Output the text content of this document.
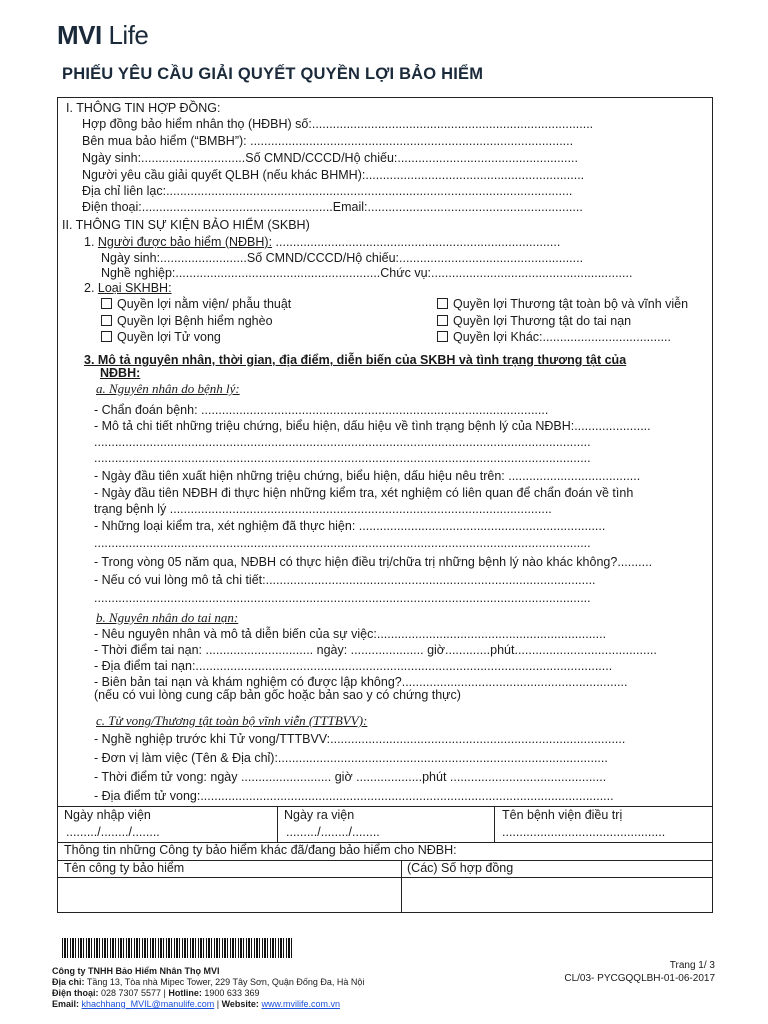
MVI Life
PHIẾU YÊU CẦU GIẢI QUYẾT QUYỀN LỢI BẢO HIỂM
I. THÔNG TIN HỢP ĐỒNG:
Hợp đồng bảo hiểm nhân thọ (HĐBH) số:.................................................................................
Bên mua bảo hiểm (“BMBH”): .............................................................................................
Ngày sinh:..............................Số CMND/CCCD/Hộ chiếu:....................................................
Người yêu cầu giải quyết QLBH (nếu khác BHMH):...............................................................
Địa chỉ liên lạc:.....................................................................................................................
Điện thoại:.......................................................Email:..............................................................
II. THÔNG TIN SỰ KIỆN BẢO HIỂM (SKBH)
1. Người được bảo hiểm (NĐBH): ..................................................................................
Ngày sinh:.........................Số CMND/CCCD/Hộ chiếu:.....................................................
Nghề nghiệp:...........................................................Chức vụ:..........................................................
2. Loại SKHBH:
Quyền lợi nằm viện/ phẫu thuật
Quyền lợi Bệnh hiểm nghèo
Quyền lợi Tử vong
Quyền lợi Thương tật toàn bộ và vĩnh viễn
Quyền lợi Thương tật do tai nạn
Quyền lợi Khác:.....................................
3. Mô tả nguyên nhân, thời gian, địa điểm, diễn biến của SKBH và tình trạng thương tật của
NĐBH:
a. Nguyên nhân do bệnh lý:
- Chẩn đoán bệnh: ....................................................................................................
- Mô tả chi tiết những triệu chứng, biểu hiện, dấu hiệu về tình trạng bệnh lý của NĐBH:......................
...............................................................................................................................................
...............................................................................................................................................
- Ngày đầu tiên xuất hiện những triệu chứng, biểu hiện, dấu hiệu nêu trên: ......................................
- Ngày đầu tiên NĐBH đi thực hiện những kiểm tra, xét nghiệm có liên quan để chẩn đoán về tình
trạng bệnh lý ..............................................................................................................
- Những loại kiểm tra, xét nghiệm đã thực hiện: .......................................................................
...............................................................................................................................................
- Trong vòng 05 năm qua, NĐBH có thực hiện điều trị/chữa trị những bệnh lý nào khác không?..........
- Nếu có vui lòng mô tả chi tiết:...............................................................................................
...............................................................................................................................................
b. Nguyên nhân do tai nạn:
- Nêu nguyên nhân và mô tả diễn biến của sự việc:..................................................................
- Thời điểm tai nạn: ............................... ngày: ..................... giờ.............phút.........................................
- Địa điểm tai nạn:........................................................................................................................
- Biên bản tai nạn và khám nghiệm có được lập không?.................................................................
(nếu có vui lòng cung cấp bản gốc hoặc bản sao y có chứng thực)
c. Tử vong/Thương tật toàn bộ vĩnh viễn (TTTBVV):
- Nghề nghiệp trước khi Tử vong/TTTBVV:.....................................................................................
- Đơn vị làm việc (Tên & Địa chỉ):...............................................................................................
- Thời điểm tử vong: ngày .......................... giờ ...................phút .............................................
- Địa điểm tử vong:.......................................................................................................................
Ngày nhập viện
........./......../........
Ngày ra viện
........./......../........
Tên bệnh viện điều trị
...............................................
Thông tin những Công ty bảo hiểm khác đã/đang bảo hiểm cho NĐBH:
Tên công ty bảo hiểm	(Các) Số hợp đồng
Công ty TNHH Bảo Hiểm Nhân Thọ MVI
Địa chỉ: Tầng 13, Tòa nhà Mipec Tower, 229 Tây Sơn, Quận Đống Đa, Hà Nội
Điện thoại: 028 7307 5577 | Hotline: 1900 633 369
Email: khachhang_MVIL@manulife.com | Website: www.mvilife.com.vn
Trang 1/ 3
CL/03- PYCGQQLBH-01-06-2017
